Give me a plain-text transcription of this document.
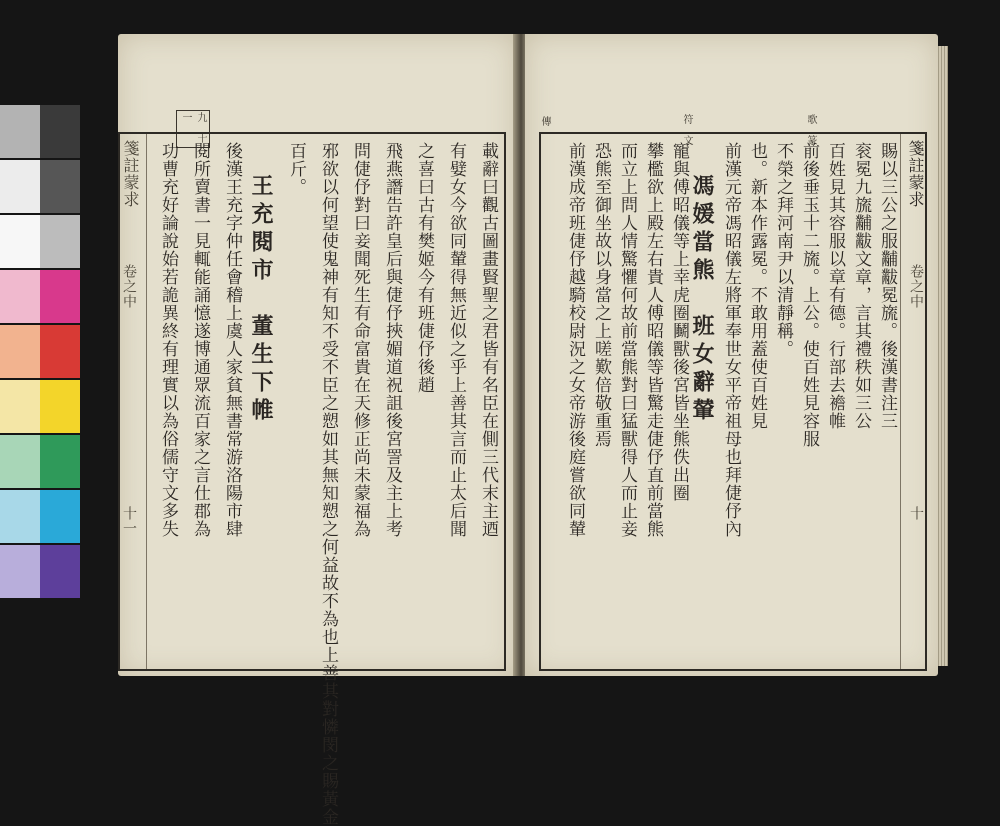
九 十 一
箋註蒙求
卷之中
十一	載辭曰觀古圖畫賢聖之君皆有名臣在側三代末主迺
有嬖女今欲同輦得無近似之乎上善其言而止太后聞
之喜曰古有樊姬今有班倢伃後趙
飛燕譖告許皇后與倢伃挾媚道祝詛後宮詈及主上考
問倢伃對曰妾聞死生有命富貴在天修正尚未蒙福為
邪欲以何望使鬼神有知不受不臣之愬如其無知愬之何益故不為也上善其對憐閔之賜黃金
百斤。
王充閱市　董生下帷
後漢王充字仲任會稽上虞人家貧無書常游洛陽市肆
閱所賣書一見輒能誦憶遂博通眾流百家之言仕郡為
功曹充好論說始若詭異終有理實以為俗儒守文多失
傳	符 文	歌 篆
箋註蒙求
卷之中
十
賜以三公之服黼黻冕旒。後漢書注三
衮冕九旒黼黻文章，言其禮秩如三公
百姓見其容服以章有德。行部去襜帷
前後垂玉十二旒。上公。使百姓見容服
不榮之拜河南尹以清靜稱。
也。新本作露冕。不敢用蓋使百姓見
前漢元帝馮昭儀左將軍奉世女平帝祖母也拜倢伃內
馮媛當熊　班女辭輦
寵與傅昭儀等上幸虎圈鬭獸後宮皆坐熊佚出圈
攀檻欲上殿左右貴人傅昭儀等皆驚走倢伃直前當熊
而立上問人情驚懼何故前當熊對曰猛獸得人而止妾
恐熊至御坐故以身當之上嗟歎倍敬重焉
前漢成帝班倢伃越騎校尉況之女帝游後庭嘗欲同輦
